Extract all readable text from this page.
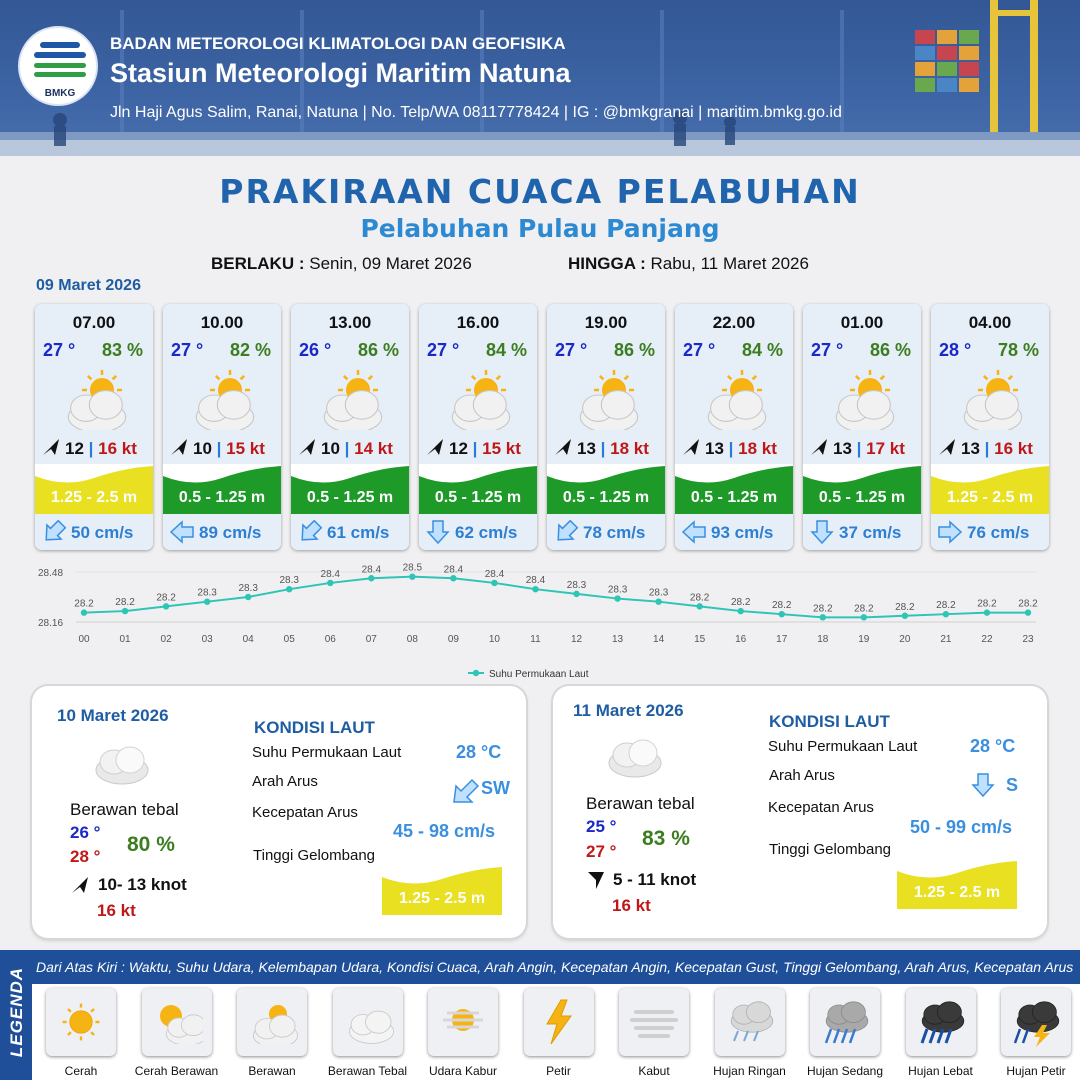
BMKG
BADAN METEOROLOGI KLIMATOLOGI DAN GEOFISIKA
Stasiun Meteorologi Maritim Natuna
Jln Haji Agus Salim, Ranai, Natuna | No. Telp/WA 08117778424 | IG : @bmkgranai | maritim.bmkg.go.id
PRAKIRAAN CUACA PELABUHAN
Pelabuhan Pulau Panjang
BERLAKU : Senin, 09 Maret 2026	HINGGA : Rabu, 11 Maret 2026
09 Maret 2026
07.00
27 ° 83 %
12 | 16 kt
1.25 - 2.5 m
50 cm/s
10.00
27 ° 82 %
10 | 15 kt
0.5 - 1.25 m
89 cm/s
13.00
26 ° 86 %
10 | 14 kt
0.5 - 1.25 m
61 cm/s
16.00
27 ° 84 %
12 | 15 kt
0.5 - 1.25 m
62 cm/s
19.00
27 ° 86 %
13 | 18 kt
0.5 - 1.25 m
78 cm/s
22.00
27 ° 84 %
13 | 18 kt
0.5 - 1.25 m
93 cm/s
01.00
27 ° 86 %
13 | 17 kt
0.5 - 1.25 m
37 cm/s
04.00
28 ° 78 %
13 | 16 kt
1.25 - 2.5 m
76 cm/s
28.48
28.16
28.2
00
28.2
01
28.2
02
28.3
03
28.3
04
28.3
05
28.4
06
28.4
07
28.5
08
28.4
09
28.4
10
28.4
11
28.3
12
28.3
13
28.3
14
28.2
15
28.2
16
28.2
17
28.2
18
28.2
19
28.2
20
28.2
21
28.2
22
28.2
23
Suhu Permukaan Laut
10 Maret 2026
Berawan tebal
26 °
28 °
80 %
10- 13 knot
16 kt
KONDISI LAUT
Suhu Permukaan Laut	28 °C
Arah Arus	SW
Kecepatan Arus
45 - 98 cm/s
Tinggi Gelombang
1.25 - 2.5 m
11 Maret 2026
Berawan tebal
25 °
27 °
83 %
5 - 11 knot
16 kt
KONDISI LAUT
Suhu Permukaan Laut	28 °C
Arah Arus	S
Kecepatan Arus
50 - 99 cm/s
Tinggi Gelombang
1.25 - 2.5 m
LEGENDA Dari Atas Kiri : Waktu, Suhu Udara, Kelembapan Udara, Kondisi Cuaca, Arah Angin, Kecepatan Angin, Kecepatan Gust, Tinggi Gelombang, Arah Arus, Kecepatan Arus
Cerah	Cerah Berawan	Berawan	Berawan Tebal	Udara Kabur	Petir	Kabut	Hujan Ringan	Hujan Sedang	Hujan Lebat	Hujan Petir
